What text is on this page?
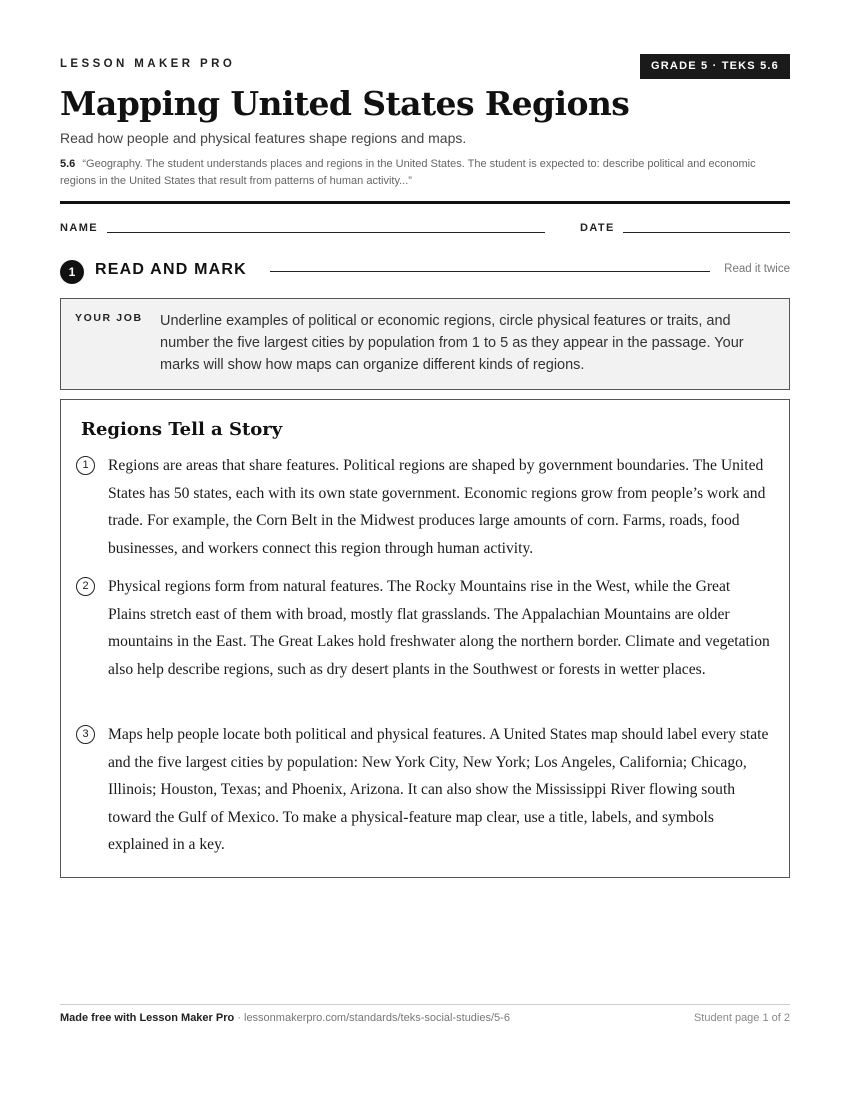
LESSON MAKER PRO	GRADE 5 · TEKS 5.6
Mapping United States Regions
Read how people and physical features shape regions and maps.
5.6 “Geography. The student understands places and regions in the United States. The student is expected to: describe political and economic regions in the United States that result from patterns of human activity...”
NAME	DATE
1	READ AND MARK	Read it twice
YOUR JOB Underline examples of political or economic regions, circle physical features or traits, and number the five largest cities by population from 1 to 5 as they appear in the passage. Your marks will show how maps can organize different kinds of regions.
Regions Tell a Story
1	Regions are areas that share features. Political regions are shaped by government boundaries. The United States has 50 states, each with its own state government. Economic regions grow from people’s work and trade. For example, the Corn Belt in the Midwest produces large amounts of corn. Farms, roads, food businesses, and workers connect this region through human activity.
2	Physical regions form from natural features. The Rocky Mountains rise in the West, while the Great Plains stretch east of them with broad, mostly flat grasslands. The Appalachian Mountains are older mountains in the East. The Great Lakes hold freshwater along the northern border. Climate and vegetation also help describe regions, such as dry desert plants in the Southwest or forests in wetter places.
3	Maps help people locate both political and physical features. A United States map should label every state and the five largest cities by population: New York City, New York; Los Angeles, California; Chicago, Illinois; Houston, Texas; and Phoenix, Arizona. It can also show the Mississippi River flowing south toward the Gulf of Mexico. To make a physical-feature map clear, use a title, labels, and symbols explained in a key.
Made free with Lesson Maker Pro · lessonmakerpro.com/standards/teks-social-studies/5-6	Student page 1 of 2
